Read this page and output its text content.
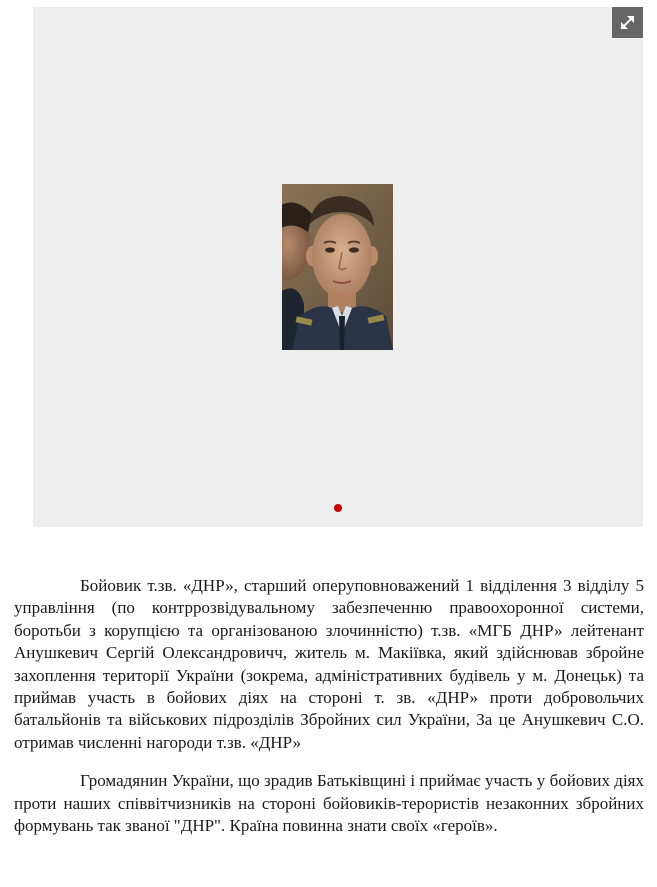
Бойовик т.зв. «ДНР», старший оперуповноважений 1 відділення 3 відділу 5 управління (по контррозвідувальному забезпеченню правоохоронної системи, боротьби з корупцією та організованою злочинністю) т.зв. «МГБ ДНР» лейтенант Анушкевич Сергій Олександровичч, житель м. Макіївка, який здійснював збройне захоплення території України (зокрема, адміністративних будівель у м. Донецьк) та приймав участь в бойових діях на стороні т. зв. «ДНР» проти добровольчих батальйонів та військових підрозділів Збройних сил України, За це Анушкевич С.О. отримав численні нагороди т.зв. «ДНР»

Громадянин України, що зрадив Батьківщині і приймає участь у бойових діях проти наших співвітчизників на стороні бойовиків-терористів незаконних збройних формувань так званої "ДНР". Країна повинна знати своїх «героїв».
